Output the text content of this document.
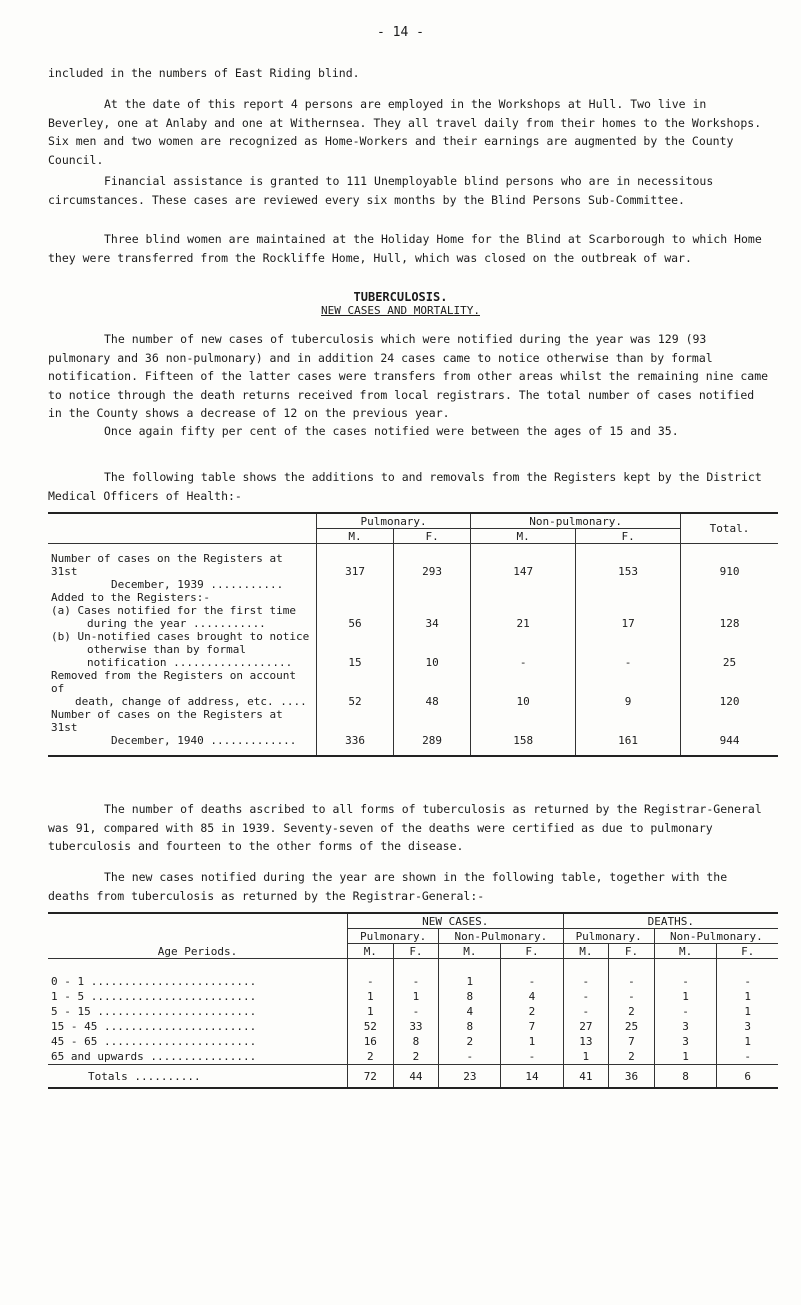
- 14 -
included in the numbers of East Riding blind.
At the date of this report 4 persons are employed in the Workshops at Hull. Two live in Beverley, one at Anlaby and one at Withernsea. They all travel daily from their homes to the Workshops. Six men and two women are recognized as Home-Workers and their earnings are augmented by the County Council.
Financial assistance is granted to 111 Unemployable blind persons who are in necessitous circumstances. These cases are reviewed every six months by the Blind Persons Sub-Committee.
Three blind women are maintained at the Holiday Home for the Blind at Scarborough to which Home they were transferred from the Rockliffe Home, Hull, which was closed on the outbreak of war.
TUBERCULOSIS.
NEW CASES AND MORTALITY.
The number of new cases of tuberculosis which were notified during the year was 129 (93 pulmonary and 36 non-pulmonary) and in addition 24 cases came to notice otherwise than by formal notification. Fifteen of the latter cases were transfers from other areas whilst the remaining nine came to notice through the death returns received from local registrars. The total number of cases notified in the County shows a decrease of 12 on the previous year.
Once again fifty per cent of the cases notified were between the ages of 15 and 35.
The following table shows the additions to and removals from the Registers kept by the District Medical Officers of Health:-
	Pulmonary.		Non-pulmonary.		Total.
	M.	F.	M.	F.	

Number of cases on the Registers at 31st
December, 1939 ...........	317	293	147	153	910

Added to the Registers:-
(a) Cases notified for the first time
during the year ...........	56	34	21	17	128

(b) Un-notified cases brought to notice
otherwise than by formal
notification ..................	15	10	-	-	25

Removed from the Registers on account of
death, change of address, etc. ....	52	48	10	9	120

Number of cases on the Registers at 31st
December, 1940 .............	336	289	158	161	944
The number of deaths ascribed to all forms of tuberculosis as returned by the Registrar-General was 91, compared with 85 in 1939. Seventy-seven of the deaths were certified as due to pulmonary tuberculosis and fourteen to the other forms of the disease.
The new cases notified during the year are shown in the following table, together with the deaths from tuberculosis as returned by the Registrar-General:-
Age Periods.	NEW CASES.				DEATHS.			
	Pulmonary.		Non-Pulmonary.		Pulmonary.		Non-Pulmonary.	
	M.	F.	M.	F.	M.	F.	M.	F.

0 - 1 .........................	-	-	1	-	-	-	-	-
1 - 5 .........................	1	1	8	4	-	-	1	1
5 - 15 ........................	1	-	4	2	-	2	-	1
15 - 45 .......................	52	33	8	7	27	25	3	3
45 - 65 .......................	16	8	2	1	13	7	3	1
65 and upwards ................	2	2	-	-	1	2	1	-
Totals ..........	72	44	23	14	41	36	8	6
